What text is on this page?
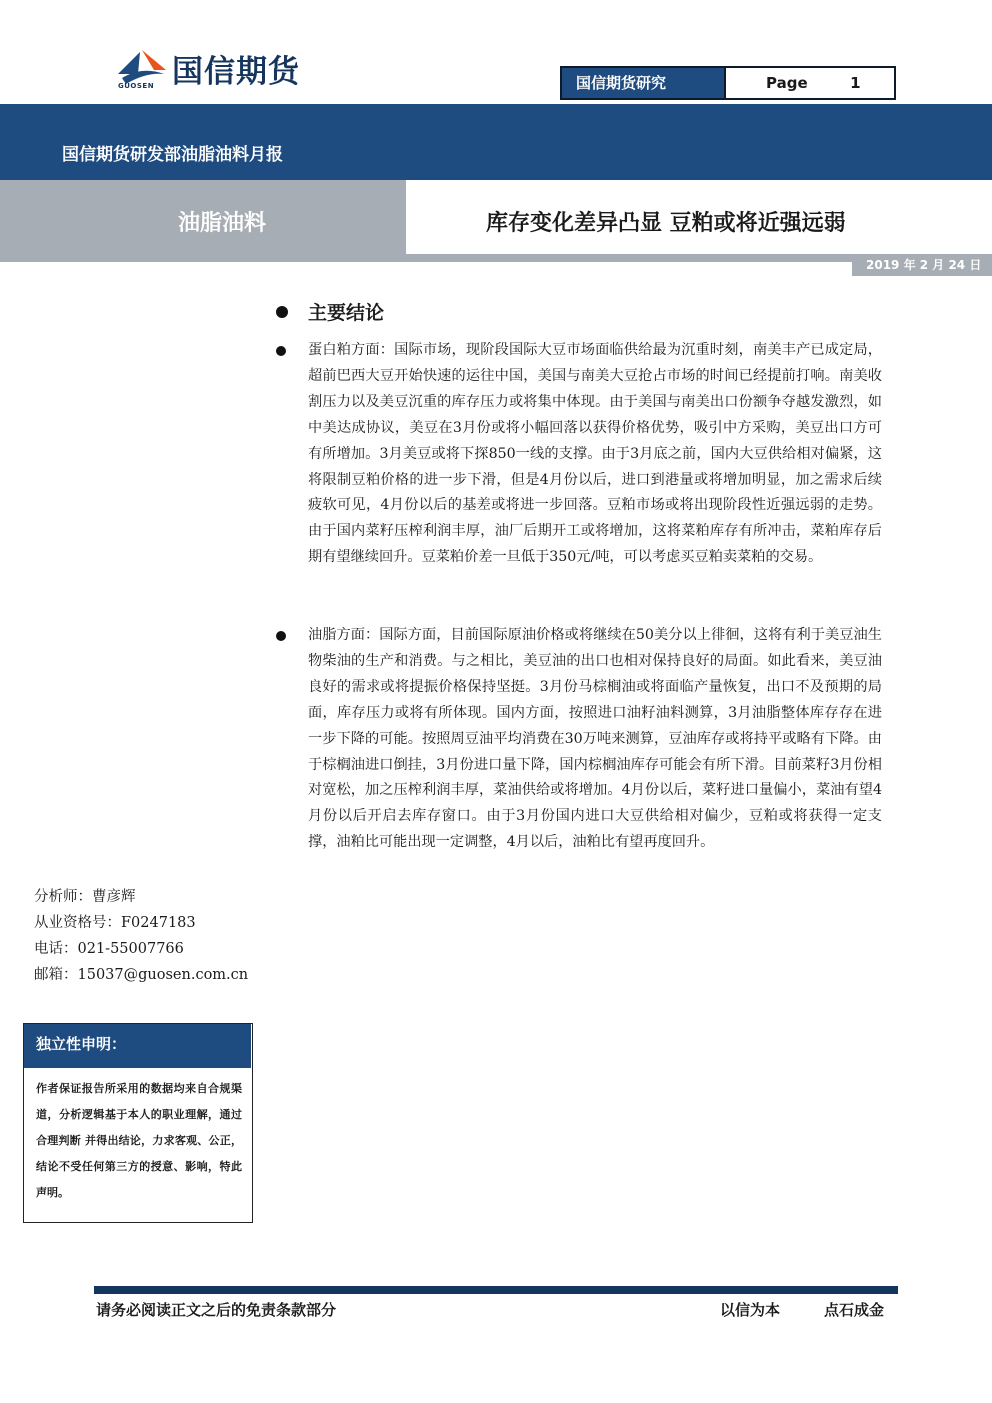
国信期货
GUOSEN	国信期货研究	Page	1
国信期货研发部油脂油料月报
油脂油料	库存变化差异凸显 豆粕或将近强远弱
2019 年 2 月 24 日
主要结论
蛋白粕方面：国际市场，现阶段国际大豆市场面临供给最为沉重时刻，南美丰产已成定局，超前巴西大豆开始快速的运往中国，美国与南美大豆抢占市场的时间已经提前打响。南美收割压力以及美豆沉重的库存压力或将集中体现。由于美国与南美出口份额争夺越发激烈，如中美达成协议，美豆在3月份或将小幅回落以获得价格优势，吸引中方采购，美豆出口方可有所增加。3月美豆或将下探850一线的支撑。由于3月底之前，国内大豆供给相对偏紧，这将限制豆粕价格的进一步下滑，但是4月份以后，进口到港量或将增加明显，加之需求后续疲软可见，4月份以后的基差或将进一步回落。豆粕市场或将出现阶段性近强远弱的走势。由于国内菜籽压榨利润丰厚，油厂后期开工或将增加，这将菜粕库存有所冲击，菜粕库存后期有望继续回升。豆菜粕价差一旦低于350元/吨，可以考虑买豆粕卖菜粕的交易。
油脂方面：国际方面，目前国际原油价格或将继续在50美分以上徘徊，这将有利于美豆油生物柴油的生产和消费。与之相比，美豆油的出口也相对保持良好的局面。如此看来，美豆油良好的需求或将提振价格保持坚挺。3月份马棕榈油或将面临产量恢复，出口不及预期的局面，库存压力或将有所体现。国内方面，按照进口油籽油料测算，3月油脂整体库存存在进一步下降的可能。按照周豆油平均消费在30万吨来测算，豆油库存或将持平或略有下降。由于棕榈油进口倒挂，3月份进口量下降，国内棕榈油库存可能会有所下滑。目前菜籽3月份相对宽松，加之压榨利润丰厚，菜油供给或将增加。4月份以后，菜籽进口量偏小，菜油有望4月份以后开启去库存窗口。由于3月份国内进口大豆供给相对偏少，豆粕或将获得一定支撑，油粕比可能出现一定调整，4月以后，油粕比有望再度回升。
分析师：曹彦辉
从业资格号：F0247183
电话：021-55007766
邮箱：15037@guosen.com.cn
独立性申明：
作者保证报告所采用的数据均来自合规渠道，分析逻辑基于本人的职业理解，通过合理判断 并得出结论，力求客观、公正，结论不受任何第三方的授意、影响，特此声明。
请务必阅读正文之后的免责条款部分	以信为本	点石成金
